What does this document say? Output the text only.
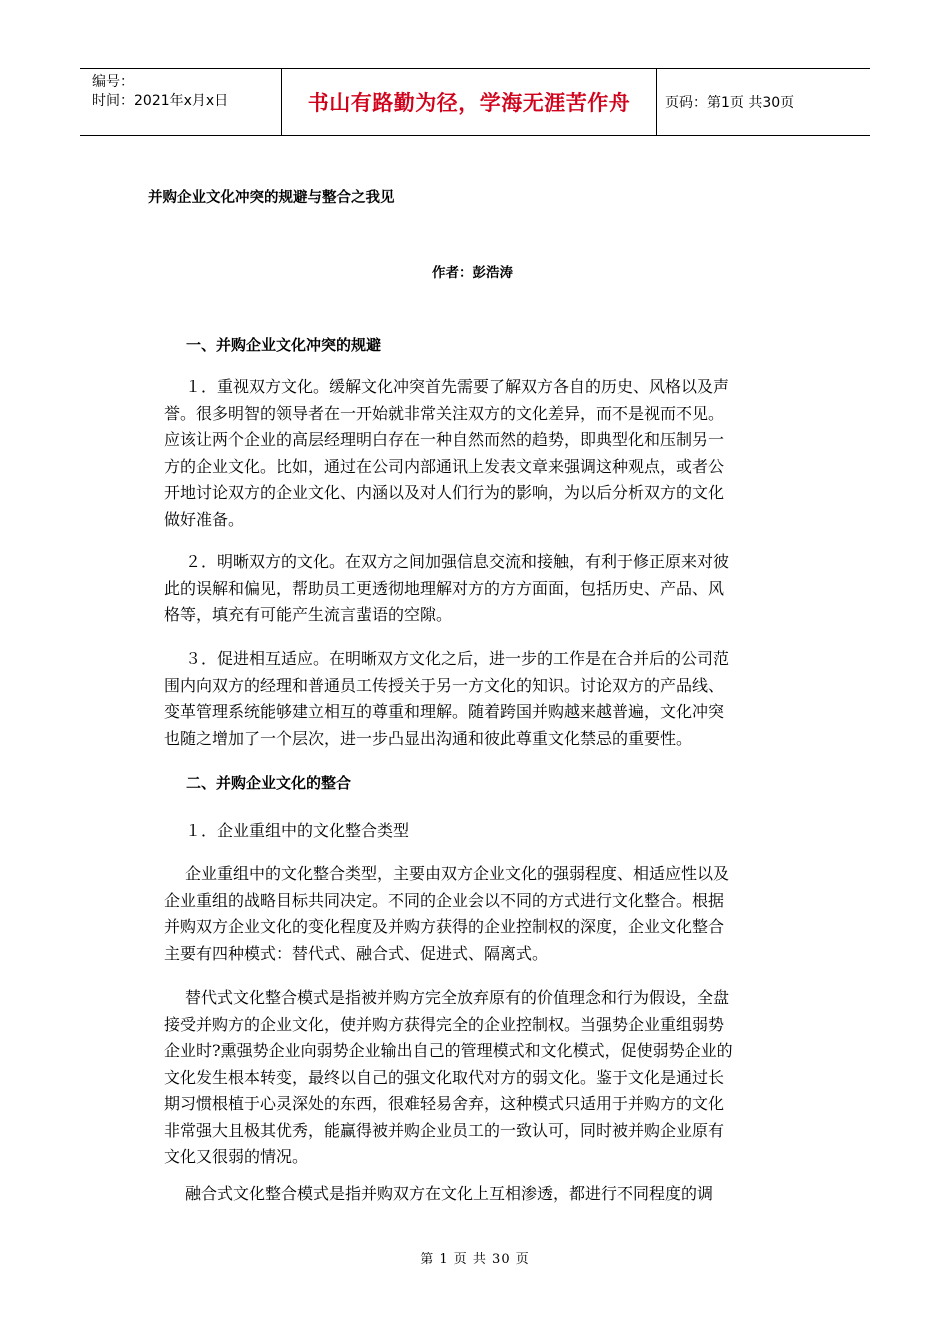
编号：
时间：2021年x月x日	书山有路勤为径，学海无涯苦作舟	页码：第1页 共30页
并购企业文化冲突的规避与整合之我见
作者：彭浩涛
一、并购企业文化冲突的规避
１．重视双方文化。缓解文化冲突首先需要了解双方各自的历史、风格以及声
誉。很多明智的领导者在一开始就非常关注双方的文化差异，而不是视而不见。
应该让两个企业的高层经理明白存在一种自然而然的趋势，即典型化和压制另一
方的企业文化。比如，通过在公司内部通讯上发表文章来强调这种观点，或者公
开地讨论双方的企业文化、内涵以及对人们行为的影响，为以后分析双方的文化
做好准备。
２．明晰双方的文化。在双方之间加强信息交流和接触，有利于修正原来对彼
此的误解和偏见，帮助员工更透彻地理解对方的方方面面，包括历史、产品、风
格等，填充有可能产生流言蜚语的空隙。
３．促进相互适应。在明晰双方文化之后，进一步的工作是在合并后的公司范
围内向双方的经理和普通员工传授关于另一方文化的知识。讨论双方的产品线、
变革管理系统能够建立相互的尊重和理解。随着跨国并购越来越普遍，文化冲突
也随之增加了一个层次，进一步凸显出沟通和彼此尊重文化禁忌的重要性。
二、并购企业文化的整合
１．企业重组中的文化整合类型
企业重组中的文化整合类型，主要由双方企业文化的强弱程度、相适应性以及
企业重组的战略目标共同决定。不同的企业会以不同的方式进行文化整合。根据
并购双方企业文化的变化程度及并购方获得的企业控制权的深度，企业文化整合
主要有四种模式：替代式、融合式、促进式、隔离式。
替代式文化整合模式是指被并购方完全放弃原有的价值理念和行为假设，全盘
接受并购方的企业文化，使并购方获得完全的企业控制权。当强势企业重组弱势
企业时?熏强势企业向弱势企业输出自己的管理模式和文化模式，促使弱势企业的
文化发生根本转变，最终以自己的强文化取代对方的弱文化。鉴于文化是通过长
期习惯根植于心灵深处的东西，很难轻易舍弃，这种模式只适用于并购方的文化
非常强大且极其优秀，能赢得被并购企业员工的一致认可，同时被并购企业原有
文化又很弱的情况。
融合式文化整合模式是指并购双方在文化上互相渗透，都进行不同程度的调
第 1 页 共 30 页
